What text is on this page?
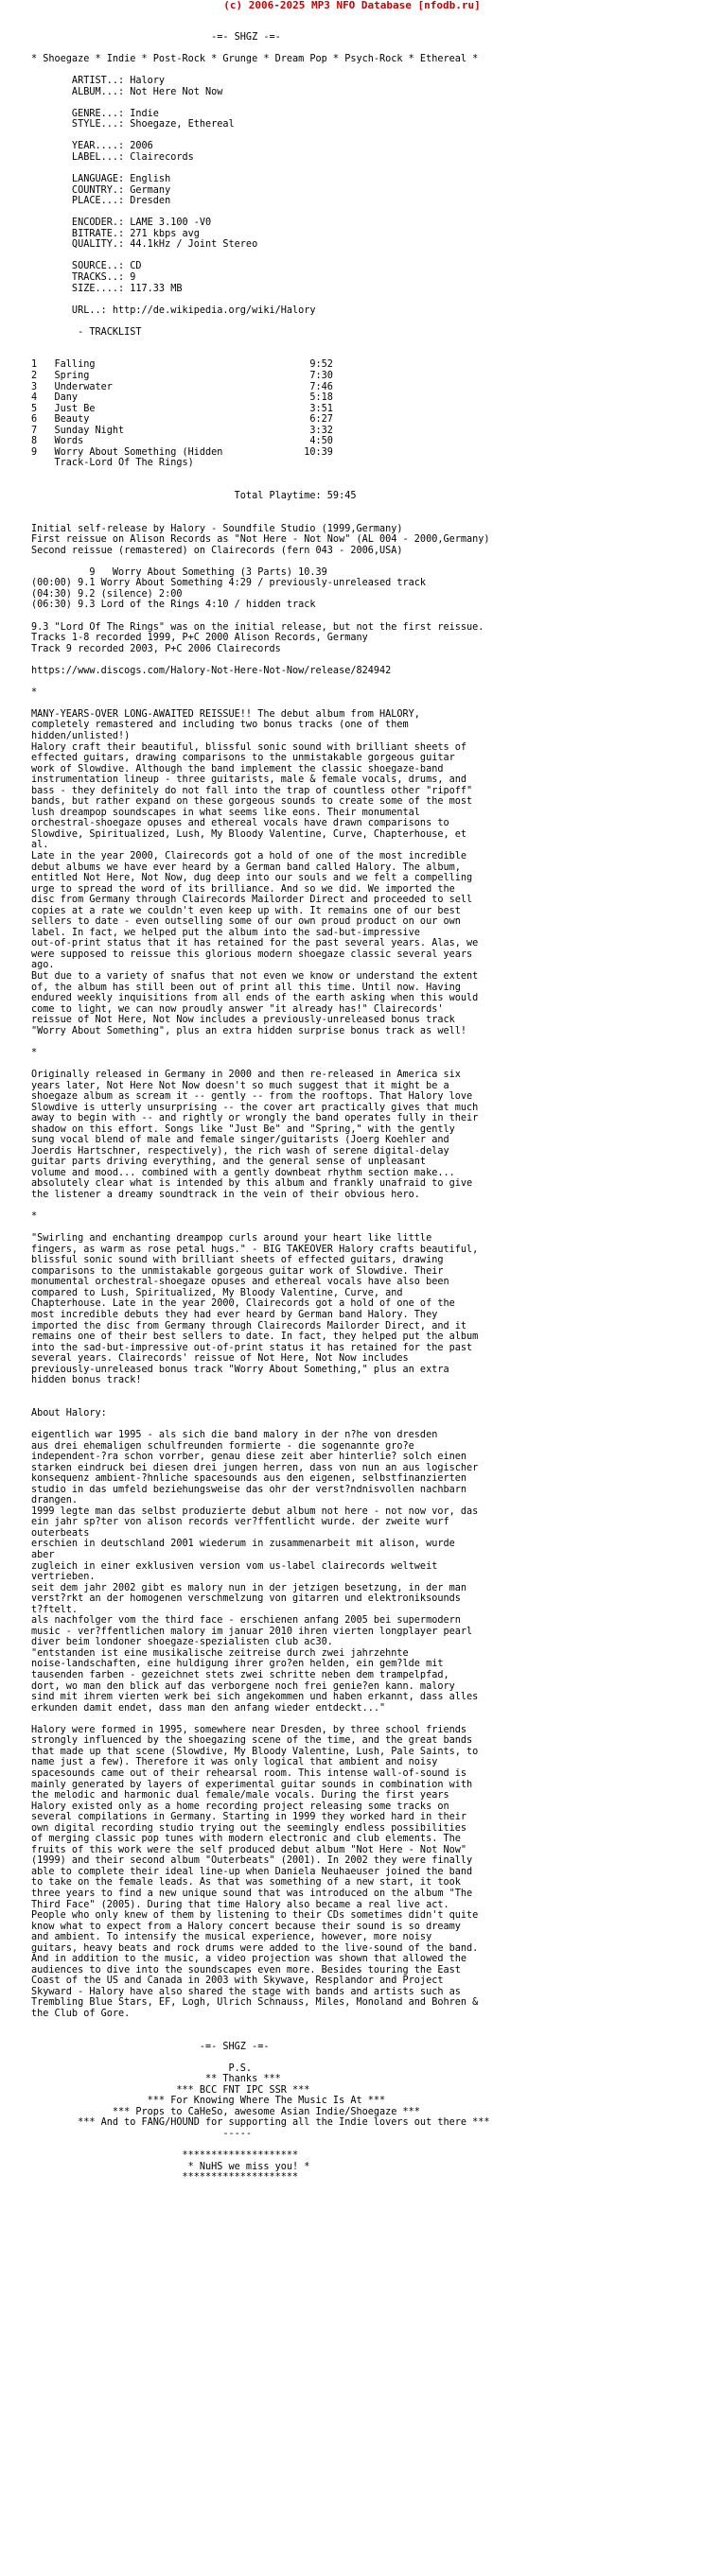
(c) 2006-2025 MP3 NFO Database [nfodb.ru]
-=- SHGZ -=-

* Shoegaze * Indie * Post-Rock * Grunge * Dream Pop * Psych-Rock * Ethereal *

ARTIST..: Halory
ALBUM...: Not Here Not Now

GENRE...: Indie
STYLE...: Shoegaze, Ethereal

YEAR....: 2006
LABEL...: Clairecords

LANGUAGE: English
COUNTRY.: Germany
PLACE...: Dresden

ENCODER.: LAME 3.100 -V0
BITRATE.: 271 kbps avg
QUALITY.: 44.1kHz / Joint Stereo

SOURCE..: CD
TRACKS..: 9
SIZE....: 117.33 MB

URL..: http://de.wikipedia.org/wiki/Halory

- TRACKLIST

1   Falling                                     9:52
2   Spring                                      7:30
3   Underwater                                  7:46
4   Dany                                        5:18
5   Just Be                                     3:51
6   Beauty                                      6:27
7   Sunday Night                                3:32
8   Words                                       4:50
9   Worry About Something (Hidden              10:39
Track-Lord Of The Rings)

Total Playtime: 59:45

Initial self-release by Halory - Soundfile Studio (1999,Germany)
First reissue on Alison Records as "Not Here - Not Now" (AL 004 - 2000,Germany)
Second reissue (remastered) on Clairecords (fern 043 - 2006,USA)

9   Worry About Something (3 Parts) 10.39
(00:00) 9.1 Worry About Something 4:29 / previously-unreleased track
(04:30) 9.2 (silence) 2:00
(06:30) 9.3 Lord of the Rings 4:10 / hidden track

9.3 "Lord Of The Rings" was on the initial release, but not the first reissue.
Tracks 1-8 recorded 1999, P+C 2000 Alison Records, Germany
Track 9 recorded 2003, P+C 2006 Clairecords

https://www.discogs.com/Halory-Not-Here-Not-Now/release/824942

*

MANY-YEARS-OVER LONG-AWAITED REISSUE!! The debut album from HALORY,
completely remastered and including two bonus tracks (one of them
hidden/unlisted!)
Halory craft their beautiful, blissful sonic sound with brilliant sheets of
effected guitars, drawing comparisons to the unmistakable gorgeous guitar
work of Slowdive. Although the band implement the classic shoegaze-band
instrumentation lineup - three guitarists, male & female vocals, drums, and
bass - they definitely do not fall into the trap of countless other "ripoff"
bands, but rather expand on these gorgeous sounds to create some of the most
lush dreampop soundscapes in what seems like eons. Their monumental
orchestral-shoegaze opuses and ethereal vocals have drawn comparisons to
Slowdive, Spiritualized, Lush, My Bloody Valentine, Curve, Chapterhouse, et
al.
Late in the year 2000, Clairecords got a hold of one of the most incredible
debut albums we have ever heard by a German band called Halory. The album,
entitled Not Here, Not Now, dug deep into our souls and we felt a compelling
urge to spread the word of its brilliance. And so we did. We imported the
disc from Germany through Clairecords Mailorder Direct and proceeded to sell
copies at a rate we couldn't even keep up with. It remains one of our best
sellers to date - even outselling some of our own proud product on our own
label. In fact, we helped put the album into the sad-but-impressive
out-of-print status that it has retained for the past several years. Alas, we
were supposed to reissue this glorious modern shoegaze classic several years
ago.
But due to a variety of snafus that not even we know or understand the extent
of, the album has still been out of print all this time. Until now. Having
endured weekly inquisitions from all ends of the earth asking when this would
come to light, we can now proudly answer "it already has!" Clairecords'
reissue of Not Here, Not Now includes a previously-unreleased bonus track
"Worry About Something", plus an extra hidden surprise bonus track as well!

*

Originally released in Germany in 2000 and then re-released in America six
years later, Not Here Not Now doesn't so much suggest that it might be a
shoegaze album as scream it -- gently -- from the rooftops. That Halory love
Slowdive is utterly unsurprising -- the cover art practically gives that much
away to begin with -- and rightly or wrongly the band operates fully in their
shadow on this effort. Songs like "Just Be" and "Spring," with the gently
sung vocal blend of male and female singer/guitarists (Joerg Koehler and
Joerdis Hartschner, respectively), the rich wash of serene digital-delay
guitar parts driving everything, and the general sense of unpleasant
volume and mood... combined with a gently downbeat rhythm section make...
absolutely clear what is intended by this album and frankly unafraid to give
the listener a dreamy soundtrack in the vein of their obvious hero.

*

"Swirling and enchanting dreampop curls around your heart like little
fingers, as warm as rose petal hugs." - BIG TAKEOVER Halory crafts beautiful,
blissful sonic sound with brilliant sheets of effected guitars, drawing
comparisons to the unmistakable gorgeous guitar work of Slowdive. Their
monumental orchestral-shoegaze opuses and ethereal vocals have also been
compared to Lush, Spiritualized, My Bloody Valentine, Curve, and
Chapterhouse. Late in the year 2000, Clairecords got a hold of one of the
most incredible debuts they had ever heard by German band Halory. They
imported the disc from Germany through Clairecords Mailorder Direct, and it
remains one of their best sellers to date. In fact, they helped put the album
into the sad-but-impressive out-of-print status it has retained for the past
several years. Clairecords' reissue of Not Here, Not Now includes
previously-unreleased bonus track "Worry About Something," plus an extra
hidden bonus track!

About Halory:

eigentlich war 1995 - als sich die band malory in der n?he von dresden
aus drei ehemaligen schulfreunden formierte - die sogenannte gro?e
independent-?ra schon vorrber, genau diese zeit aber hinterlie? solch einen
starken eindruck bei diesen drei jungen herren, dass von nun an aus logischer
konsequenz ambient-?hnliche spacesounds aus den eigenen, selbstfinanzierten
studio in das umfeld beziehungsweise das ohr der verst?ndnisvollen nachbarn
drangen.
1999 legte man das selbst produzierte debut album not here - not now vor, das
ein jahr sp?ter von alison records ver?ffentlicht wurde. der zweite wurf
outerbeats
erschien in deutschland 2001 wiederum in zusammenarbeit mit alison, wurde
aber
zugleich in einer exklusiven version vom us-label clairecords weltweit
vertrieben.
seit dem jahr 2002 gibt es malory nun in der jetzigen besetzung, in der man
verst?rkt an der homogenen verschmelzung von gitarren und elektroniksounds
t?ftelt.
als nachfolger vom the third face - erschienen anfang 2005 bei supermodern
music - ver?ffentlichen malory im januar 2010 ihren vierten longplayer pearl
diver beim londoner shoegaze-spezialisten club ac30.
"entstanden ist eine musikalische zeitreise durch zwei jahrzehnte
noise-landschaften, eine huldigung ihrer gro?en helden, ein gem?lde mit
tausenden farben - gezeichnet stets zwei schritte neben dem trampelpfad,
dort, wo man den blick auf das verborgene noch frei genie?en kann. malory
sind mit ihrem vierten werk bei sich angekommen und haben erkannt, dass alles
erkunden damit endet, dass man den anfang wieder entdeckt..."

Halory were formed in 1995, somewhere near Dresden, by three school friends
strongly influenced by the shoegazing scene of the time, and the great bands
that made up that scene (Slowdive, My Bloody Valentine, Lush, Pale Saints, to
name just a few). Therefore it was only logical that ambient and noisy
spacesounds came out of their rehearsal room. This intense wall-of-sound is
mainly generated by layers of experimental guitar sounds in combination with
the melodic and harmonic dual female/male vocals. During the first years
Halory existed only as a home recording project releasing some tracks on
several compilations in Germany. Starting in 1999 they worked hard in their
own digital recording studio trying out the seemingly endless possibilities
of merging classic pop tunes with modern electronic and club elements. The
fruits of this work were the self produced debut album "Not Here - Not Now"
(1999) and their second album "Outerbeats" (2001). In 2002 they were finally
able to complete their ideal line-up when Daniela Neuhaeuser joined the band
to take on the female leads. As that was something of a new start, it took
three years to find a new unique sound that was introduced on the album "The
Third Face" (2005). During that time Halory also became a real live act.
People who only knew of them by listening to their CDs sometimes didn't quite
know what to expect from a Halory concert because their sound is so dreamy
and ambient. To intensify the musical experience, however, more noisy
guitars, heavy beats and rock drums were added to the live-sound of the band.
And in addition to the music, a video projection was shown that allowed the
audiences to dive into the soundscapes even more. Besides touring the East
Coast of the US and Canada in 2003 with Skywave, Resplandor and Project
Skyward - Halory have also shared the stage with bands and artists such as
Trembling Blue Stars, EF, Logh, Ulrich Schnauss, Miles, Monoland and Bohren &
the Club of Gore.

-=- SHGZ -=-

P.S.
** Thanks ***
*** BCC FNT IPC SSR ***
*** For Knowing Where The Music Is At ***
*** Props to CaHeSo, awesome Asian Indie/Shoegaze ***
*** And to FANG/HOUND for supporting all the Indie lovers out there ***
-----

********************
* NuHS we miss you! *
********************
